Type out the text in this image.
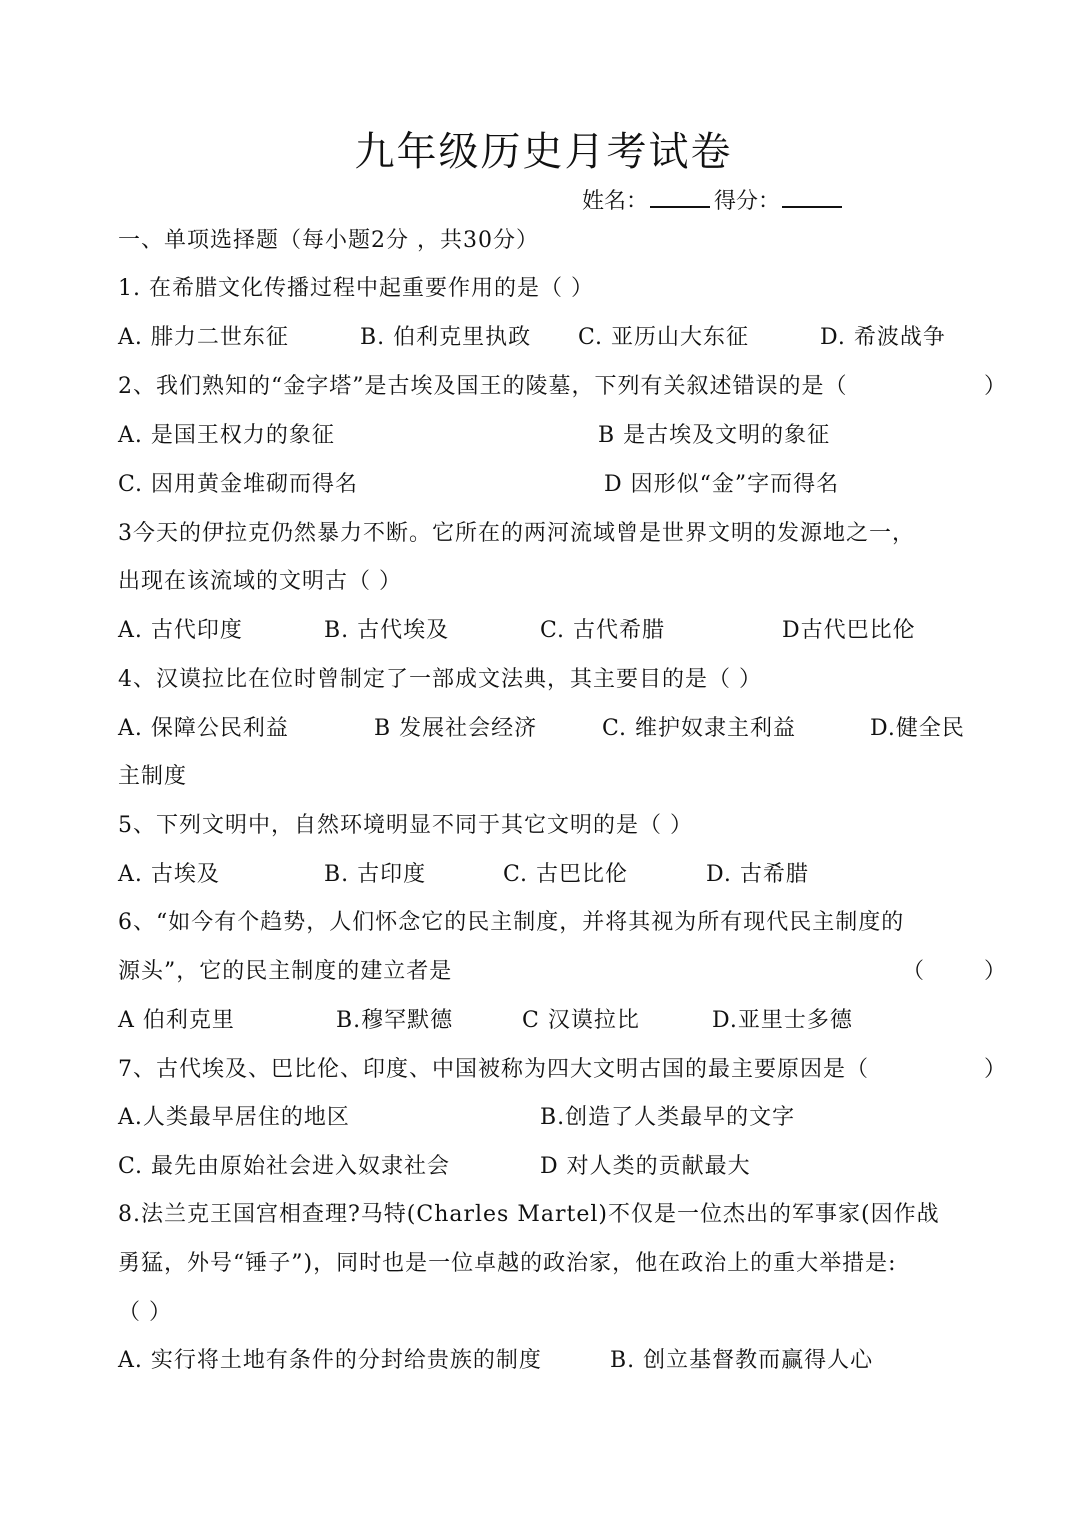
九年级历史月考试卷
姓名：	得分：
一、单项选择题（每小题2分 ，共30分）
1. 在希腊文化传播过程中起重要作用的是（ ）
A. 腓力二世东征	B. 伯利克里执政 C. 亚历山大东征	D. 希波战争
2、我们熟知的“金字塔”是古埃及国王的陵墓，下列有关叙述错误的是（	）
A. 是国王权力的象征	B 是古埃及文明的象征
C. 因用黄金堆砌而得名	D 因形似“金”字而得名
3今天的伊拉克仍然暴力不断。它所在的两河流域曾是世界文明的发源地之一，
出现在该流域的文明古（ ）
A. 古代印度	B. 古代埃及	C. 古代希腊	D古代巴比伦
4、汉谟拉比在位时曾制定了一部成文法典，其主要目的是（ ）
A. 保障公民利益	B 发展社会经济	C. 维护奴隶主利益	D.健全民
主制度
5、下列文明中，自然环境明显不同于其它文明的是（ ）
A. 古埃及	B. 古印度	C. 古巴比伦	D. 古希腊
6、“如今有个趋势，人们怀念它的民主制度，并将其视为所有现代民主制度的
源头”，它的民主制度的建立者是	（	）
A 伯利克里	B.穆罕默德	C 汉谟拉比	D.亚里士多德
7、古代埃及、巴比伦、印度、中国被称为四大文明古国的最主要原因是（	）
A.人类最早居住的地区	B.创造了人类最早的文字
C. 最先由原始社会进入奴隶社会	D 对人类的贡献最大
8.法兰克王国宫相查理?马特(Charles Martel)不仅是一位杰出的军事家(因作战
勇猛，外号“锤子”)，同时也是一位卓越的政治家，他在政治上的重大举措是:
（ ）
A. 实行将土地有条件的分封给贵族的制度	B. 创立基督教而赢得人心
